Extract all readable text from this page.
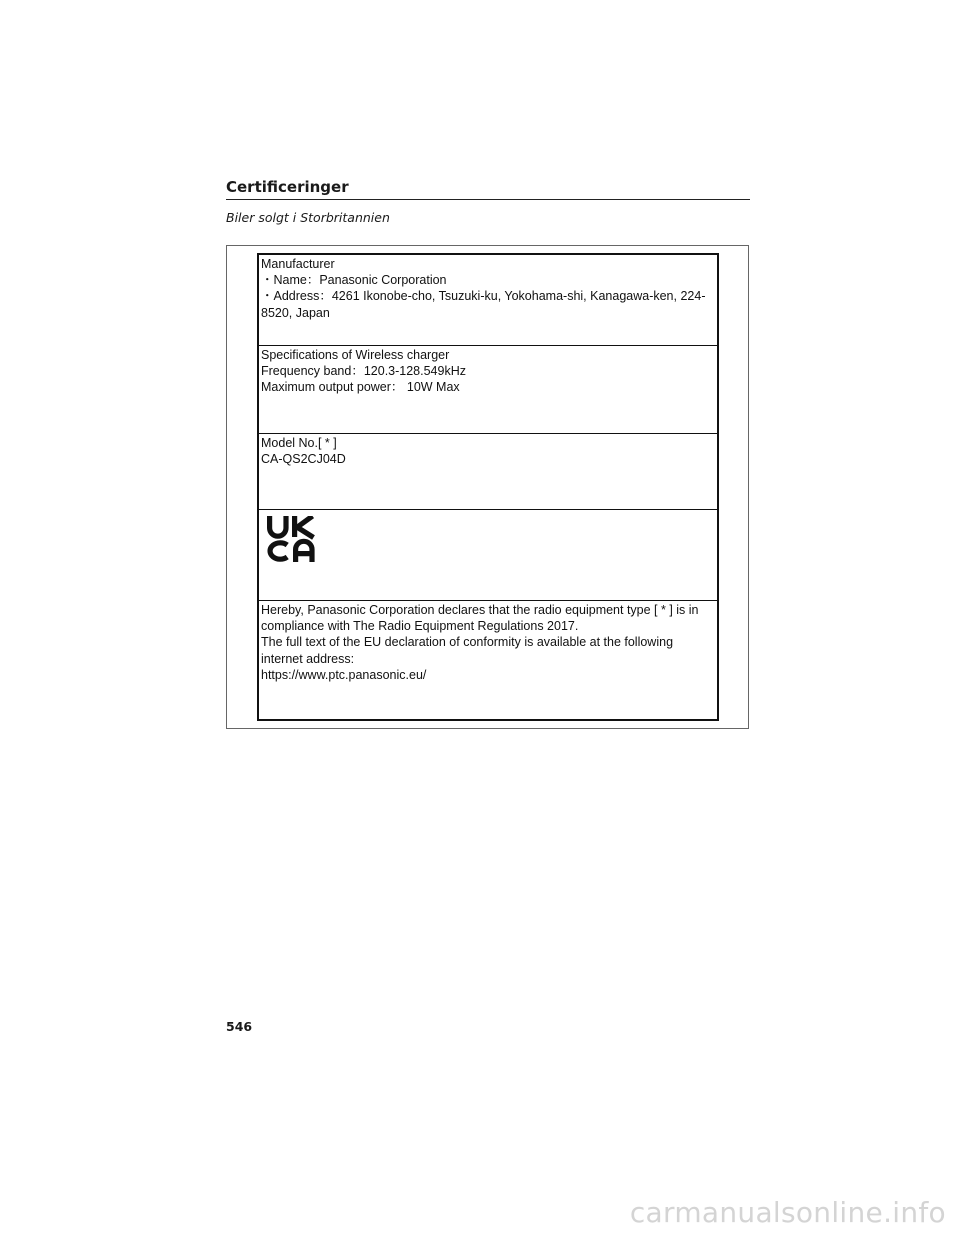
Certificeringer

Biler solgt i Storbritannien

Manufacturer
・Name：Panasonic Corporation
・Address：4261 Ikonobe-cho, Tsuzuki-ku, Yokohama-shi, Kanagawa-ken, 224-
8520, Japan
Specifications of Wireless charger
Frequency band：120.3-128.549kHz
Maximum output power： 10W Max
Model No.[ * ]
CA-QS2CJ04D
Hereby, Panasonic Corporation declares that the radio equipment type [ * ] is in
compliance with The Radio Equipment Regulations 2017.
The full text of the EU declaration of conformity is available at the following
internet address:
https://www.ptc.panasonic.eu/

546

carmanualsonline.info
